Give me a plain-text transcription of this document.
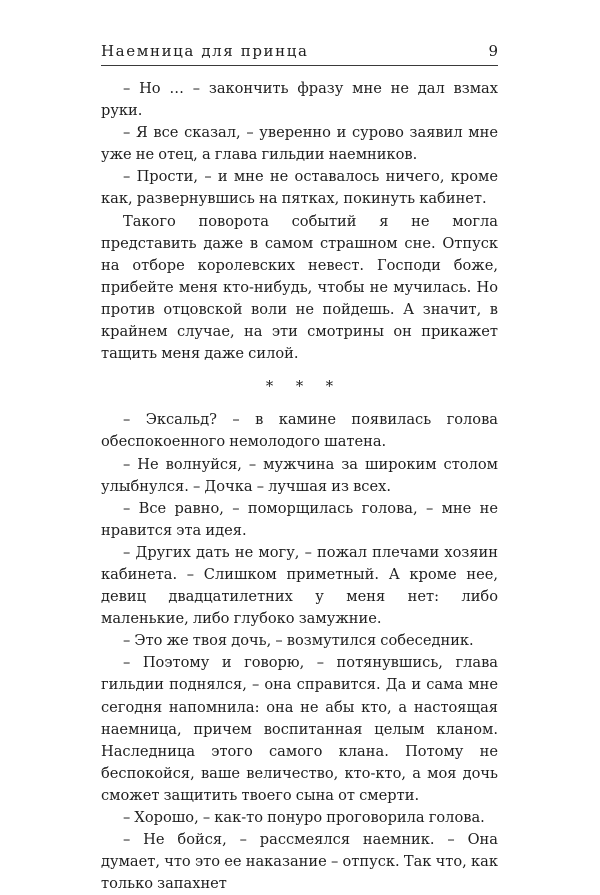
Наемница для принца	9

– Но … – закончить фразу мне не дал взмах руки.

– Я все сказал, – уверенно и сурово заявил мне уже не отец, а глава гильдии наемников.

– Прости, – и мне не оставалось ничего, кроме как, развернувшись на пятках, покинуть кабинет.

Такого поворота событий я не могла представить даже в самом страшном сне. Отпуск на отборе королевских невест. Господи боже, прибейте меня кто-нибудь, чтобы не мучилась. Но против отцовской воли не пойдешь. А значит, в крайнем случае, на эти смотрины он прикажет тащить меня даже силой.

* * *

– Эксальд? – в камине появилась голова обеспокоенного немолодого шатена.

– Не волнуйся, – мужчина за широким столом улыбнулся. – Дочка – лучшая из всех.

– Все равно, – поморщилась голова, – мне не нравится эта идея.

– Других дать не могу, – пожал плечами хозяин кабинета. – Слишком приметный. А кроме нее, девиц двадцатилетних у меня нет: либо маленькие, либо глубоко замужние.

– Это же твоя дочь, – возмутился собеседник.

– Поэтому и говорю, – потянувшись, глава гильдии поднялся, – она справится. Да и сама мне сегодня напомнила: она не абы кто, а настоящая наемница, причем воспитанная целым кланом. Наследница этого самого клана. Потому не беспокойся, ваше величество, кто-кто, а моя дочь сможет защитить твоего сына от смерти.

– Хорошо, – как-то понуро проговорила голова.

– Не бойся, – рассмеялся наемник. – Она думает, что это ее наказание – отпуск. Так что, как только запахнет
